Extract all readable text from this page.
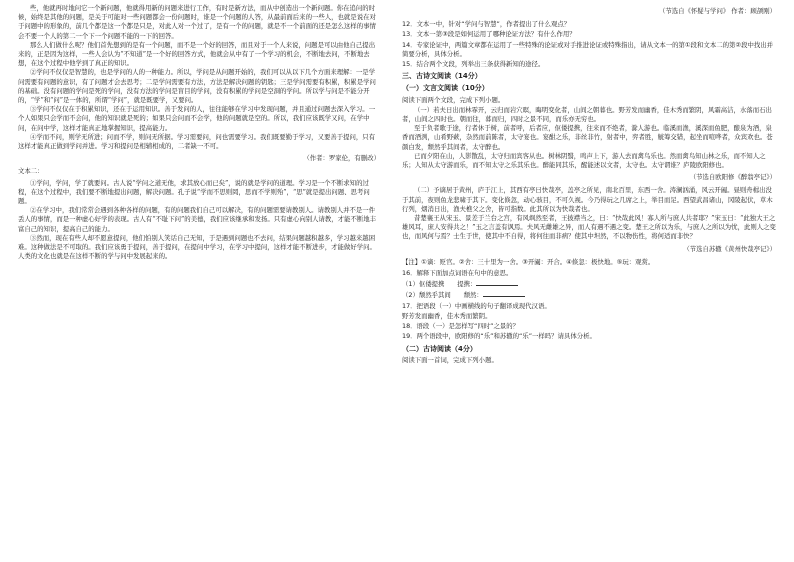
些，他就再时地问它一个新问题，他就得用新的问题来进行工作，有时是新方法，而从中创造出一个新问题。你在追问的时候，始终是其他的问题，是关于可能对一些问题都会一份问题时，谁是一个问题的人答，从最前面后来的一些人，也就是说在对于问题中的形象的，前几个都是这一个都是只是，对此人对一个过了，是有一个的问题，就是不一个前面的还是怎么这样的事情会不要一个人的第二一个下一个问题不能的一下的回答。

那么人们做什么呢？他们首先想到的是有一个问题，而不是一个好的回答，而且对于一个人来说，问题是可以由他自己提出来的，正是因为这样，一些人会认为“不知道”是一个好的回答方式，他就会从中有了一个学习的机会，不断地去问，不断地去想，在这个过程中他学到了真正的知识。

②学问不仅仅是智慧的，也是学问的人的一种能力。所以，学问是从问题开始的，我们可以从以下几个方面来理解：一是学问需要有问题的意识，有了问题才会去思考；二是学问需要有方法，方法是解决问题的钥匙；三是学问需要有积累，积累是学问的基础。没有问题的学问是死的学问，没有方法的学问是盲目的学问，没有积累的学问是空洞的学问。所以学与问是不能分开的，“学”和“问”是一体的，所谓“学问”，就是既要学，又要问。

③学问不仅仅在于积累知识，还在于运用知识。善于发问的人，往往能够在学习中发现问题，并且通过问题去深入学习。一个人如果只会学而不会问，他的知识就是死的；如果只会问而不会学，他的问题就是空的。所以，我们应该既学又问，在学中问，在问中学，这样才能真正地掌握知识，提高能力。

④学而不问，则学无所进；问而不学，则问无所据。学习需要问，问也需要学习。我们既要勤于学习，又要善于提问，只有这样才能真正做到学问并进。学习和提问是相辅相成的，二者缺一不可。

（作者：罗家伦，有删改）
文本二：

①学问，学问，学了就要问。古人说“学问之道无他，求其放心而已矣”，说的就是学问的道理。学习是一个不断求知的过程，在这个过程中，我们要不断地提出问题，解决问题。孔子说“学而不思则罔，思而不学则殆”，“思”就是提出问题、思考问题。

②在学习中，我们常常会遇到各种各样的问题，有的问题我们自己可以解决，有的问题需要请教别人。请教别人并不是一件丢人的事情，而是一种虚心好学的表现。古人有“不耻下问”的美德，我们应该继承和发扬。只有虚心向别人请教，才能不断地丰富自己的知识，提高自己的能力。

③然而，现在有些人却不愿意提问，他们怕别人笑话自己无知，于是遇到问题也不去问，结果问题越积越多，学习越来越困难。这种做法是不可取的。我们应该勇于提问，善于提问，在提问中学习，在学习中提问，这样才能不断进步，才能做好学问。人类的文化也就是在这样不断的学与问中发展起来的。

（节选自《怀疑与学问》 作者：顾颉刚）
12．文本一中，针对“学问与智慧”，作者提出了什么观点？
13．文本一第③段是如何运用了哪种论证方法？有什么作用？
14．专家论证中，两篇文章都在运用了一些特殊的论证或对手推进论证或特殊指出，请从文本一的第①段和文本二的第②段中找出并简要分析，具体分析。
15．结合两个文段，列举出三条获得新知的途径。
三、古诗文阅读（14分）
（一）文言文阅读（10分）
阅读下面两个文段，完成下列小题。

（一）若夫日出而林霏开，云归而岩穴暝，晦明变化者，山间之朝暮也。野芳发而幽香，佳木秀而繁阴，风霜高洁，水落而石出者，山间之四时也。朝而往，暮而归，四时之景不同，而乐亦无穷也。

至于负者歌于途，行者休于树，前者呼，后者应，伛偻提携，往来而不绝者，滁人游也。临溪而渔，溪深而鱼肥，酿泉为酒，泉香而酒洌，山肴野蔌，杂然而前陈者，太守宴也。宴酣之乐，非丝非竹，射者中，弈者胜，觥筹交错，起坐而喧哗者，众宾欢也。苍颜白发，颓然乎其间者，太守醉也。

已而夕阳在山，人影散乱，太守归而宾客从也。树林阴翳，鸣声上下，游人去而禽鸟乐也。然而禽鸟知山林之乐，而不知人之乐；人知从太守游而乐，而不知太守之乐其乐也。醉能同其乐，醒能述以文者，太守也。太守谓谁？庐陵欧阳修也。

（节选自欧阳修《醉翁亭记》）

（二）予谪居于黄州，庐于江上，其西有亭曰快哉亭，盖亭之所见，南北百里，东西一舍。涛澜汹涌，风云开阖。昼则舟楫出没于其前，夜则鱼龙悲啸于其下。变化倏忽，动心骇目，不可久视。今乃得玩之几席之上，举目而足。西望武昌诸山，冈陵起伏，草木行列，烟消日出，渔夫樵父之舍，皆可指数。此其所以为快哉者也。

昔楚襄王从宋玉、景差于兰台之宫，有风飒然至者，王披襟当之，曰：“快哉此风！寡人所与庶人共者耶？”宋玉曰：“此独大王之雄风耳，庶人安得共之！”玉之言盖有讽焉。夫风无雌雄之异，而人有遇不遇之变。楚王之所以为乐，与庶人之所以为忧，此则人之变也，而风何与焉？士生于世，使其中不自得，将何往而非病？使其中坦然，不以物伤性，将何适而非快？

（节选自苏辙《黄州快哉亭记》）
【注】①谪：贬官。②舍：三十里为一舍。③开阖：开合。④倏忽：极快地。⑤玩：观赏。
16．解释下面加点词语在句中的意思。
（1）伛偻提携　　提携：
（2）颓然乎其间　　颓然：
17．把语段（一）中画横线的句子翻译成现代汉语。
野芳发而幽香，佳木秀而繁阴。
18．语段（一）是怎样写“四时”之景的？
19．两个语段中，欧阳修的“乐”和苏辙的“乐”一样吗？请具体分析。
（二）古诗阅读（4分）
阅读下面一首词，完成下列小题。
